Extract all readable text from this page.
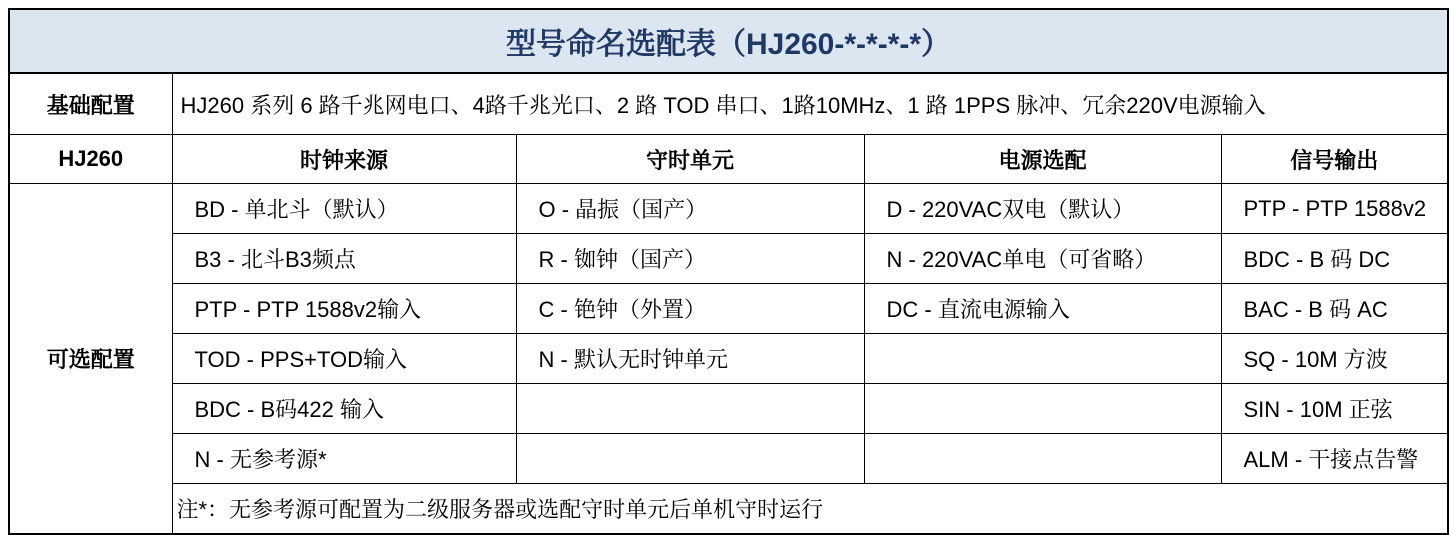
型号命名选配表（HJ260-*-*-*-*）				
基础配置	HJ260 系列 6 路千兆网电口、4路千兆光口、2 路 TOD 串口、1路10MHz、1 路 1PPS 脉冲、冗余220V电源输入			
HJ260	时钟来源	守时单元	电源选配	信号输出
可选配置	BD - 单北斗（默认）	O - 晶振（国产）	D - 220VAC双电（默认）	PTP - PTP 1588v2
	B3 - 北斗B3频点	R - 铷钟（国产）	N - 220VAC单电（可省略）	BDC - B 码 DC
	PTP - PTP 1588v2输入	C - 铯钟（外置）	DC - 直流电源输入	BAC - B 码 AC
	TOD - PPS+TOD输入	N - 默认无时钟单元		SQ - 10M 方波
	BDC - B码422 输入			SIN - 10M 正弦
	N - 无参考源*			ALM - 干接点告警
	注*：无参考源可配置为二级服务器或选配守时单元后单机守时运行			
